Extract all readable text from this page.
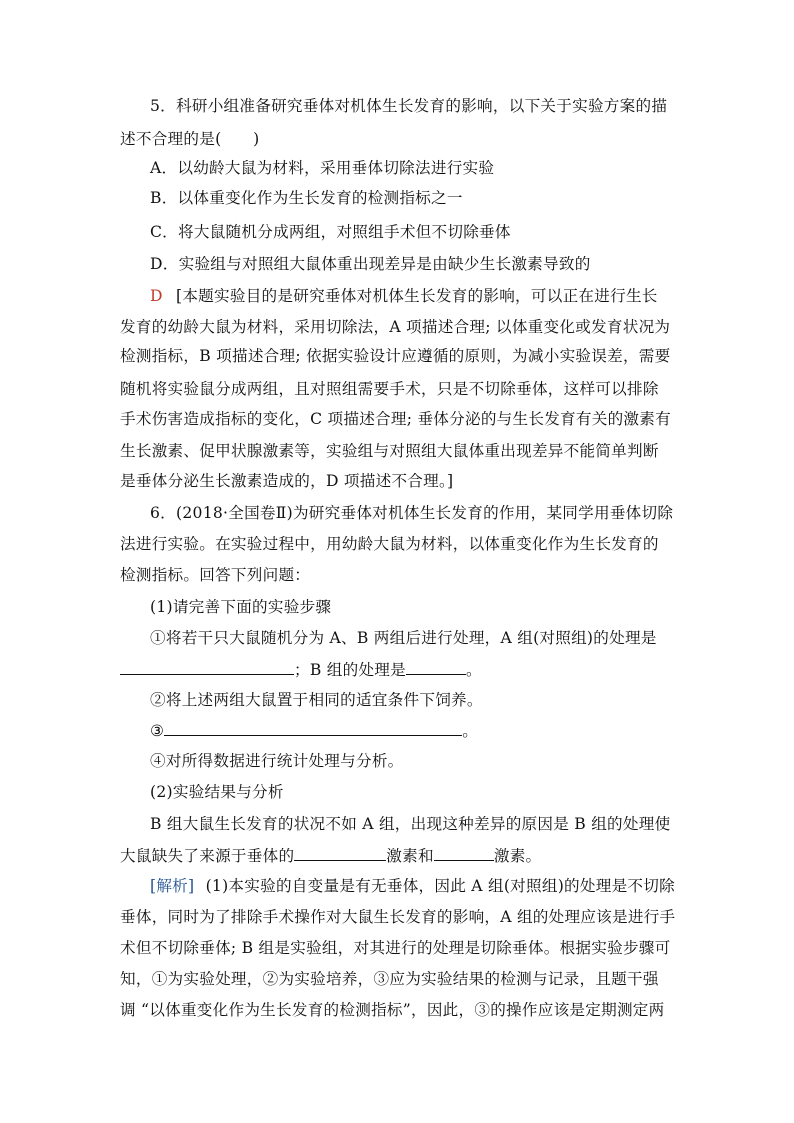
5．科研小组准备研究垂体对机体生长发育的影响，以下关于实验方案的描
述不合理的是(　　)
A．以幼龄大鼠为材料，采用垂体切除法进行实验
B．以体重变化作为生长发育的检测指标之一
C．将大鼠随机分成两组，对照组手术但不切除垂体
D．实验组与对照组大鼠体重出现差异是由缺少生长激素导致的
D [本题实验目的是研究垂体对机体生长发育的影响，可以正在进行生长
发育的幼龄大鼠为材料，采用切除法，A 项描述合理; 以体重变化或发育状况为
检测指标，B 项描述合理; 依据实验设计应遵循的原则，为减小实验误差，需要
随机将实验鼠分成两组，且对照组需要手术，只是不切除垂体，这样可以排除
手术伤害造成指标的变化，C 项描述合理; 垂体分泌的与生长发育有关的激素有
生长激素、促甲状腺激素等，实验组与对照组大鼠体重出现差异不能简单判断
是垂体分泌生长激素造成的，D 项描述不合理。]
6．(2018·全国卷Ⅱ)为研究垂体对机体生长发育的作用，某同学用垂体切除
法进行实验。在实验过程中，用幼龄大鼠为材料，以体重变化作为生长发育的
检测指标。回答下列问题：
(1)请完善下面的实验步骤
①将若干只大鼠随机分为 A、B 两组后进行处理，A 组(对照组)的处理是
；B 组的处理是	。
②将上述两组大鼠置于相同的适宜条件下饲养。
③	。
④对所得数据进行统计处理与分析。
(2)实验结果与分析
B 组大鼠生长发育的状况不如 A 组，出现这种差异的原因是 B 组的处理使
大鼠缺失了来源于垂体的	激素和	激素。
[解析] (1)本实验的自变量是有无垂体，因此 A 组(对照组)的处理是不切除
垂体，同时为了排除手术操作对大鼠生长发育的影响，A 组的处理应该是进行手
术但不切除垂体; B 组是实验组，对其进行的处理是切除垂体。根据实验步骤可
知，①为实验处理，②为实验培养，③应为实验结果的检测与记录，且题干强
调 “以体重变化作为生长发育的检测指标”，因此，③的操作应该是定期测定两
